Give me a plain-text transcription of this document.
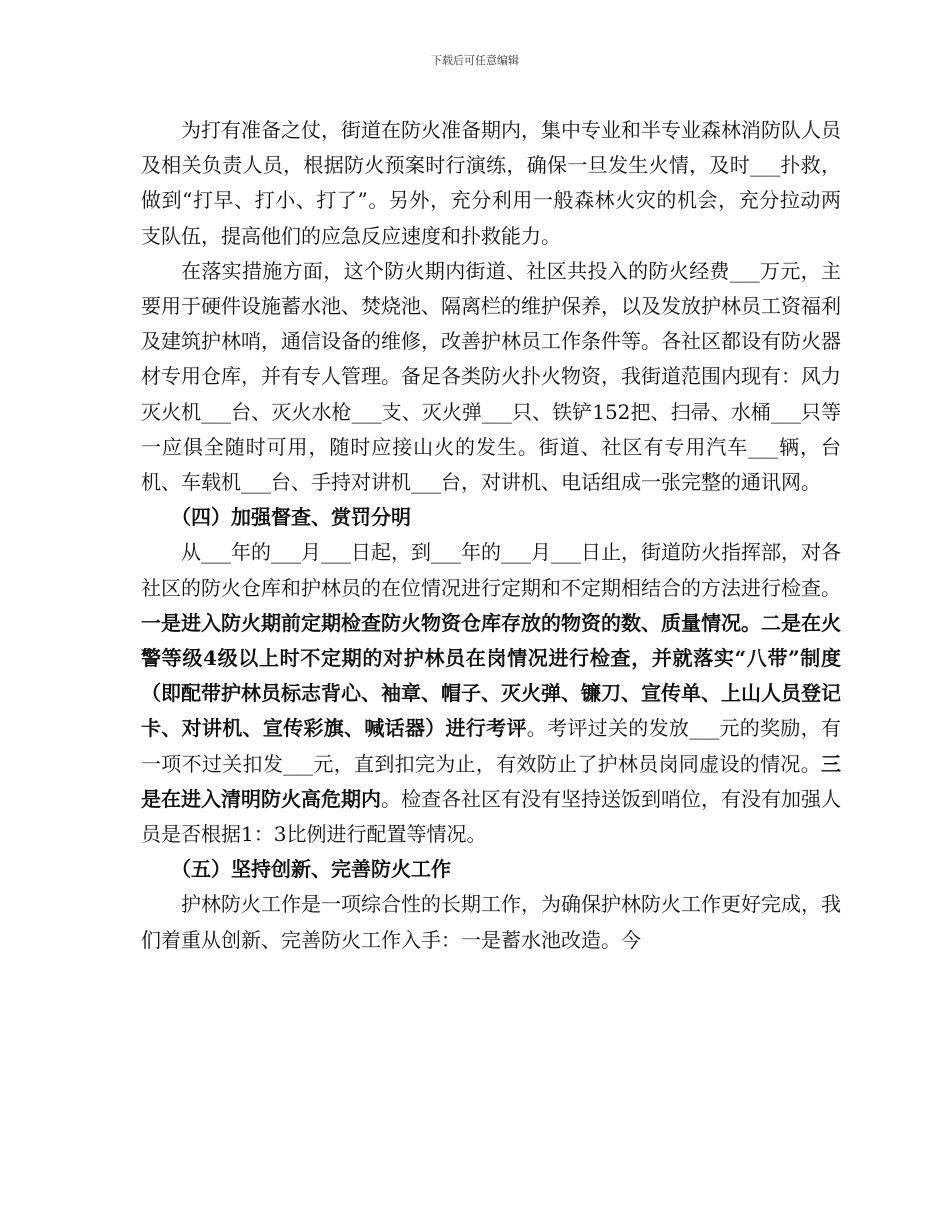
下载后可任意编辑

为打有准备之仗，街道在防火准备期内，集中专业和半专业森林消防队人员及相关负责人员，根据防火预案时行演练，确保一旦发生火情，及时___扑救，做到“打早、打小、打了”。另外，充分利用一般森林火灾的机会，充分拉动两支队伍，提高他们的应急反应速度和扑救能力。

在落实措施方面，这个防火期内街道、社区共投入的防火经费___万元，主要用于硬件设施蓄水池、焚烧池、隔离栏的维护保养，以及发放护林员工资福利及建筑护林哨，通信设备的维修，改善护林员工作条件等。各社区都设有防火器材专用仓库，并有专人管理。备足各类防火扑火物资，我街道范围内现有：风力灭火机___台、灭火水枪___支、灭火弹___只、铁铲152把、扫帚、水桶___只等一应俱全随时可用，随时应接山火的发生。街道、社区有专用汽车___辆，台机、车载机___台、手持对讲机___台，对讲机、电话组成一张完整的通讯网。

（四）加强督查、赏罚分明

从___年的___月___日起，到___年的___月___日止，街道防火指挥部，对各社区的防火仓库和护林员的在位情况进行定期和不定期相结合的方法进行检查。一是进入防火期前定期检查防火物资仓库存放的物资的数、质量情况。二是在火警等级4级以上时不定期的对护林员在岗情况进行检查，并就落实“八带”制度（即配带护林员标志背心、袖章、帽子、灭火弹、镰刀、宣传单、上山人员登记卡、对讲机、宣传彩旗、喊话器）进行考评。考评过关的发放___元的奖励，有一项不过关扣发___元，直到扣完为止，有效防止了护林员岗同虚设的情况。三是在进入清明防火高危期内。检查各社区有没有坚持送饭到哨位，有没有加强人员是否根据1：3比例进行配置等情况。

（五）坚持创新、完善防火工作

护林防火工作是一项综合性的长期工作，为确保护林防火工作更好完成，我们着重从创新、完善防火工作入手：一是蓄水池改造。今
